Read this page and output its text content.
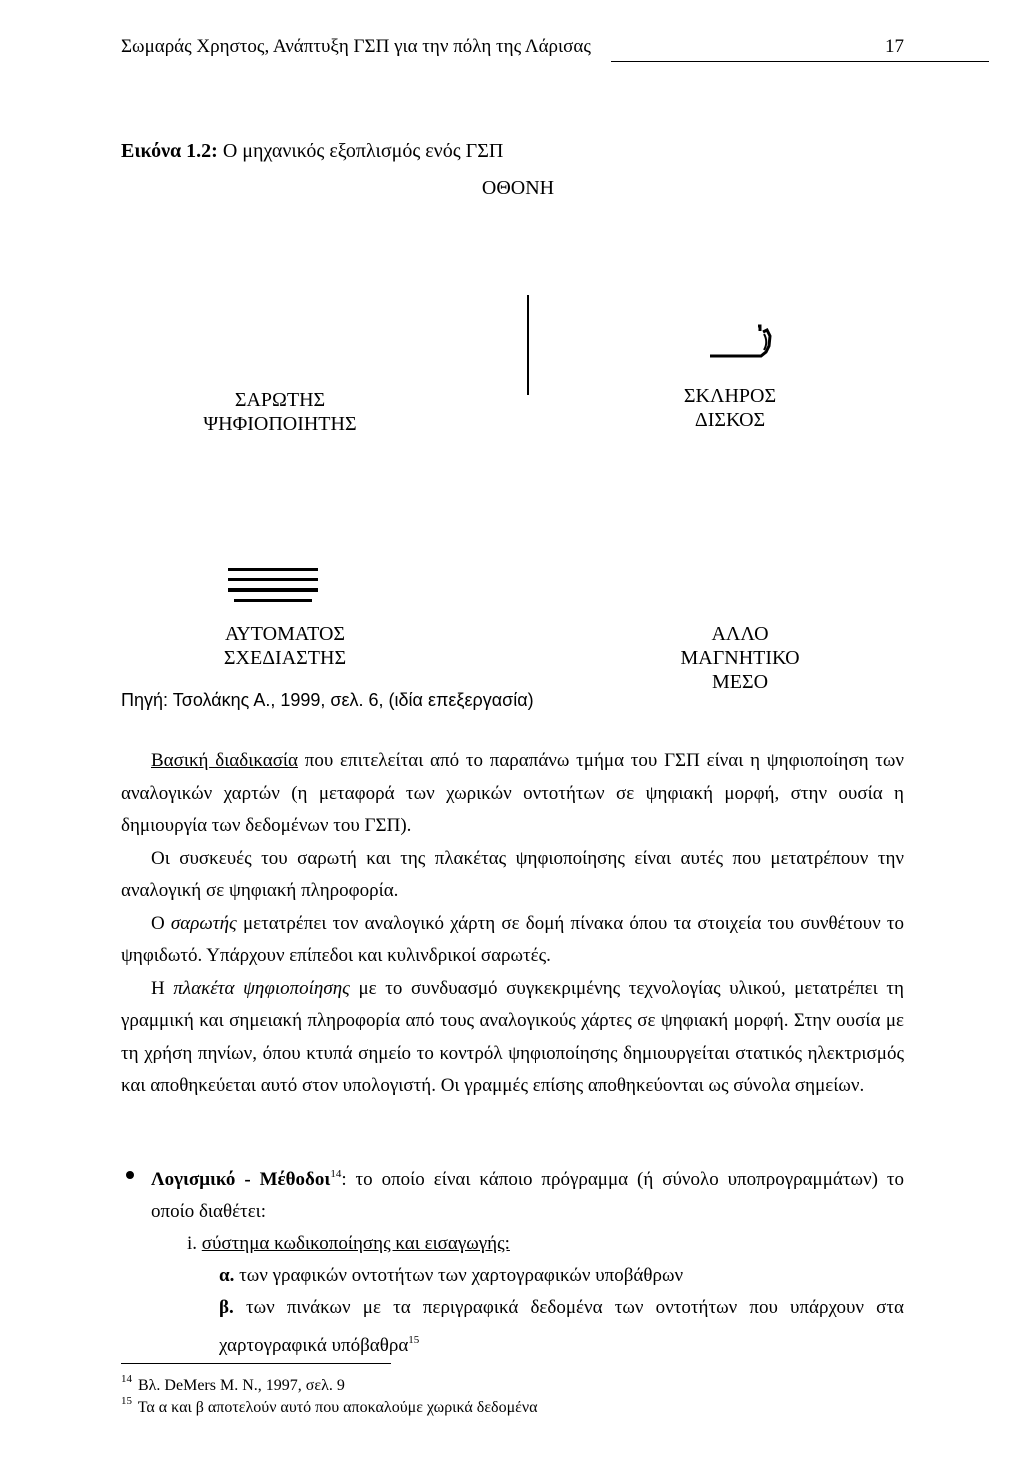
Σωμαράς Χρηστος, Ανάπτυξη ΓΣΠ για την πόλη της Λάρισας	17
Εικόνα 1.2: Ο μηχανικός εξοπλισμός ενός ΓΣΠ
ΟΘΟΝΗ
ΣΑΡΩΤΗΣ
ΨΗΦΙΟΠΟΙΗΤΗΣ
ΣΚΛΗΡΟΣ
ΔΙΣΚΟΣ
ΑΥΤΟΜΑΤΟΣ
ΣΧΕΔΙΑΣΤΗΣ
ΑΛΛΟ
ΜΑΓΝΗΤΙΚΟ
ΜΕΣΟ
Πηγή: Τσολάκης Α., 1999, σελ. 6, (ιδία επεξεργασία)

Βασική διαδικασία που επιτελείται από το παραπάνω τμήμα του ΓΣΠ είναι η ψηφιοποίηση των αναλογικών χαρτών (η μεταφορά των χωρικών οντοτήτων σε ψηφιακή μορφή, στην ουσία η δημιουργία των δεδομένων του ΓΣΠ).

Οι συσκευές του σαρωτή και της πλακέτας ψηφιοποίησης είναι αυτές που μετατρέπουν την αναλογική σε ψηφιακή πληροφορία.

Ο σαρωτής μετατρέπει τον αναλογικό χάρτη σε δομή πίνακα όπου τα στοιχεία του συνθέτουν το ψηφιδωτό. Υπάρχουν επίπεδοι και κυλινδρικοί σαρωτές.

Η πλακέτα ψηφιοποίησης με το συνδυασμό συγκεκριμένης τεχνολογίας υλικού, μετατρέπει τη γραμμική και σημειακή πληροφορία από τους αναλογικούς χάρτες σε ψηφιακή μορφή. Στην ουσία με τη χρήση πηνίων, όπου κτυπά σημείο το κοντρόλ ψηφιοποίησης δημιουργείται στατικός ηλεκτρισμός και αποθηκεύεται αυτό στον υπολογιστή. Οι γραμμές επίσης αποθηκεύονται ως σύνολα σημείων.

Λογισμικό - Μέθοδοι$^{14}$: το οποίο είναι κάποιο πρόγραμμα (ή σύνολο υποπρογραμμάτων) το οποίο διαθέτει:
i. σύστημα κωδικοποίησης και εισαγωγής:
α. των γραφικών οντοτήτων των χαρτογραφικών υποβάθρων
β. των πινάκων με τα περιγραφικά δεδομένα των οντοτήτων που υπάρχουν στα χαρτογραφικά υπόβαθρα$^{15}$
$^{14}$ Βλ. DeMers M. N., 1997, σελ. 9
$^{15}$ Τα α και β αποτελούν αυτό που αποκαλούμε χωρικά δεδομένα
